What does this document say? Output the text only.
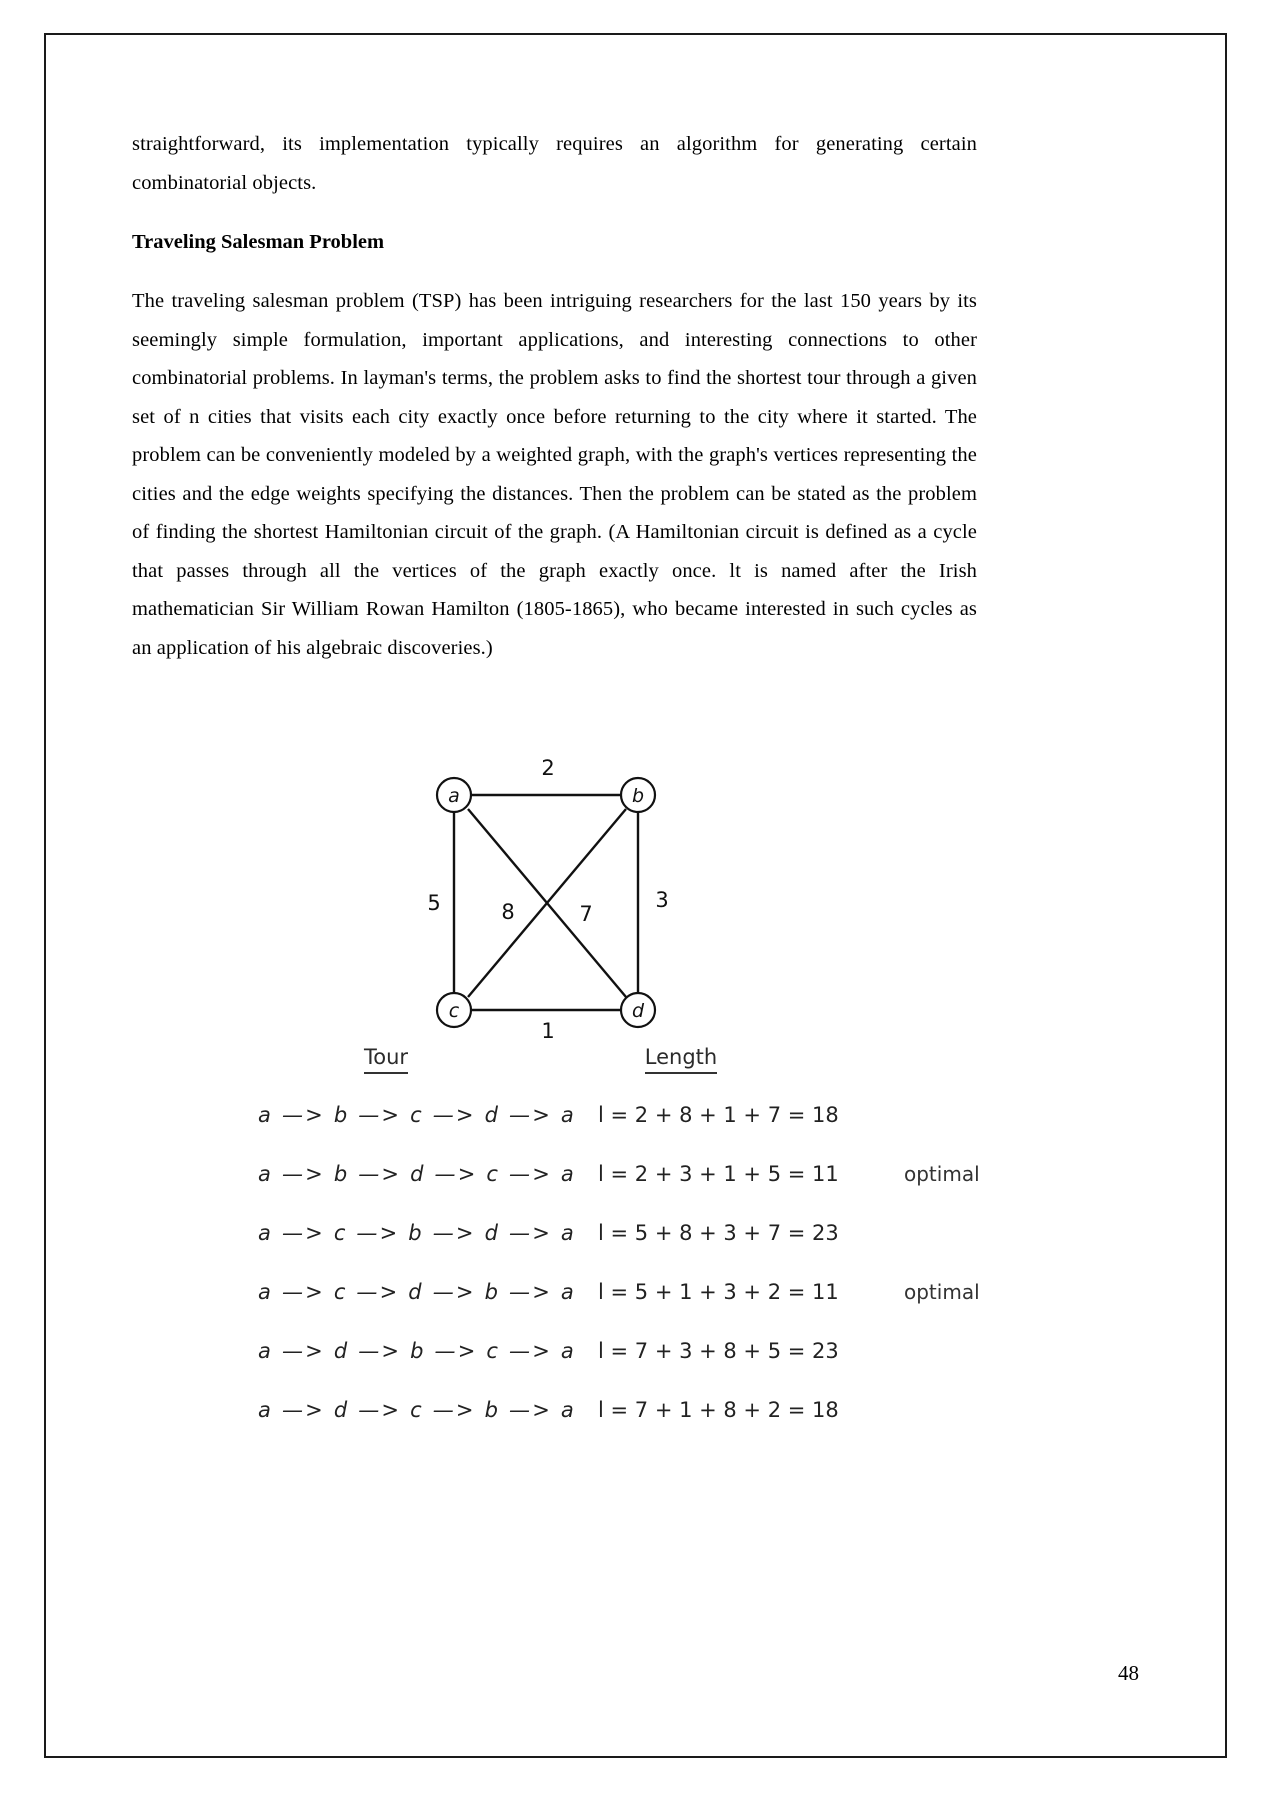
straightforward, its implementation typically requires an algorithm for generating certain combinatorial objects.

Traveling Salesman Problem

The traveling salesman problem (TSP) has been intriguing researchers for the last 150 years by its seemingly simple formulation, important applications, and interesting connections to other combinatorial problems. In layman's terms, the problem asks to find the shortest tour through a given set of n cities that visits each city exactly once before returning to the city where it started. The problem can be conveniently modeled by a weighted graph, with the graph's vertices representing the cities and the edge weights specifying the distances. Then the problem can be stated as the problem of finding the shortest Hamiltonian circuit of the graph. (A Hamiltonian circuit is defined as a cycle that passes through all the vertices of the graph exactly once. lt is named after the Irish mathematician Sir William Rowan Hamilton (1805-1865), who became interested in such cycles as an application of his algebraic discoveries.)

a	b
c	d
2
5	3
7
8
1
Tour	Length
a —> b —> c —> d —> a	l = 2 + 8 + 1 + 7 = 18
a —> b —> d —> c —> a	l = 2 + 3 + 1 + 5 = 11	optimal
a —> c —> b —> d —> a	l = 5 + 8 + 3 + 7 = 23
a —> c —> d —> b —> a	l = 5 + 1 + 3 + 2 = 11	optimal
a —> d —> b —> c —> a	l = 7 + 3 + 8 + 5 = 23
a —> d —> c —> b —> a	l = 7 + 1 + 8 + 2 = 18
48
